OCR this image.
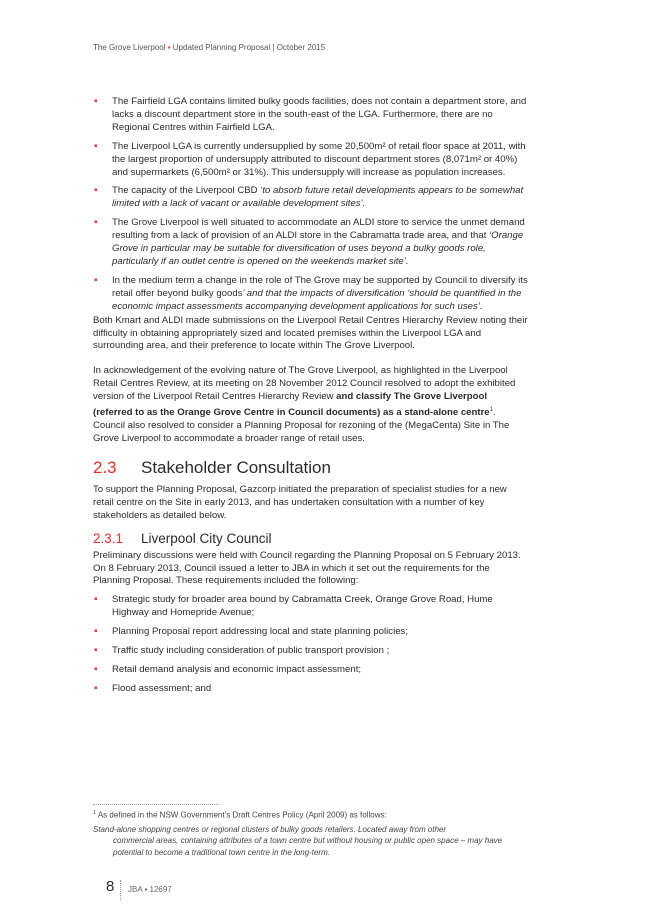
The Grove Liverpool ▪ Updated Planning Proposal | October 2015
▪ The Fairfield LGA contains limited bulky goods facilities, does not contain a department store, and lacks a discount department store in the south-east of the LGA. Furthermore, there are no Regional Centres within Fairfield LGA.
▪ The Liverpool LGA is currently undersupplied by some 20,500m² of retail floor space at 2011, with the largest proportion of undersupply attributed to discount department stores (8,071m² or 40%) and supermarkets (6,500m² or 31%). This undersupply will increase as population increases.
▪ The capacity of the Liverpool CBD ‘to absorb future retail developments appears to be somewhat limited with a lack of vacant or available development sites’.
▪ The Grove Liverpool is well situated to accommodate an ALDI store to service the unmet demand resulting from a lack of provision of an ALDI store in the Cabramatta trade area, and that ‘Orange Grove in particular may be suitable for diversification of uses beyond a bulky goods role, particularly if an outlet centre is opened on the weekends market site’.
▪ In the medium term a change in the role of The Grove may be supported by Council to diversify its retail offer beyond bulky goods’ and that the impacts of diversification ‘should be quantified in the economic impact assessments accompanying development applications for such uses’.

Both Kmart and ALDI made submissions on the Liverpool Retail Centres Hierarchy Review noting their difficulty in obtaining appropriately sized and located premises within the Liverpool LGA and surrounding area, and their preference to locate within The Grove Liverpool.

In acknowledgement of the evolving nature of The Grove Liverpool, as highlighted in the Liverpool Retail Centres Review, at its meeting on 28 November 2012 Council resolved to adopt the exhibited version of the Liverpool Retail Centres Hierarchy Review and classify The Grove Liverpool (referred to as the Orange Grove Centre in Council documents) as a stand-alone centre$^1$. Council also resolved to consider a Planning Proposal for rezoning of the (MegaCentа) Site in The Grove Liverpool to accommodate a broader range of retail uses.

2.3 Stakeholder Consultation

To support the Planning Proposal, Gazcorp initiated the preparation of specialist studies for a new retail centre on the Site in early 2013, and has undertaken consultation with a number of key stakeholders as detailed below.

2.3.1 Liverpool City Council

Preliminary discussions were held with Council regarding the Planning Proposal on 5 February 2013. On 8 February 2013, Council issued a letter to JBA in which it set out the requirements for the Planning Proposal. These requirements included the following:

▪ Strategic study for broader area bound by Cabramatta Creek, Orange Grove Road, Hume Highway and Homepride Avenue;
▪ Planning Proposal report addressing local and state planning policies;
▪ Traffic study including consideration of public transport provision ;
▪ Retail demand analysis and economic impact assessment;
▪ Flood assessment; and

$^1$ As defined in the NSW Government’s Draft Centres Policy (April 2009) as follows:

Stand-alone shopping centres or regional clusters of bulky goods retailers. Located away from other
commercial areas, containing attributes of a town centre but without housing or public open space – may have potential to become a traditional town centre in the long-term.

8 JBA ▪ 12697
